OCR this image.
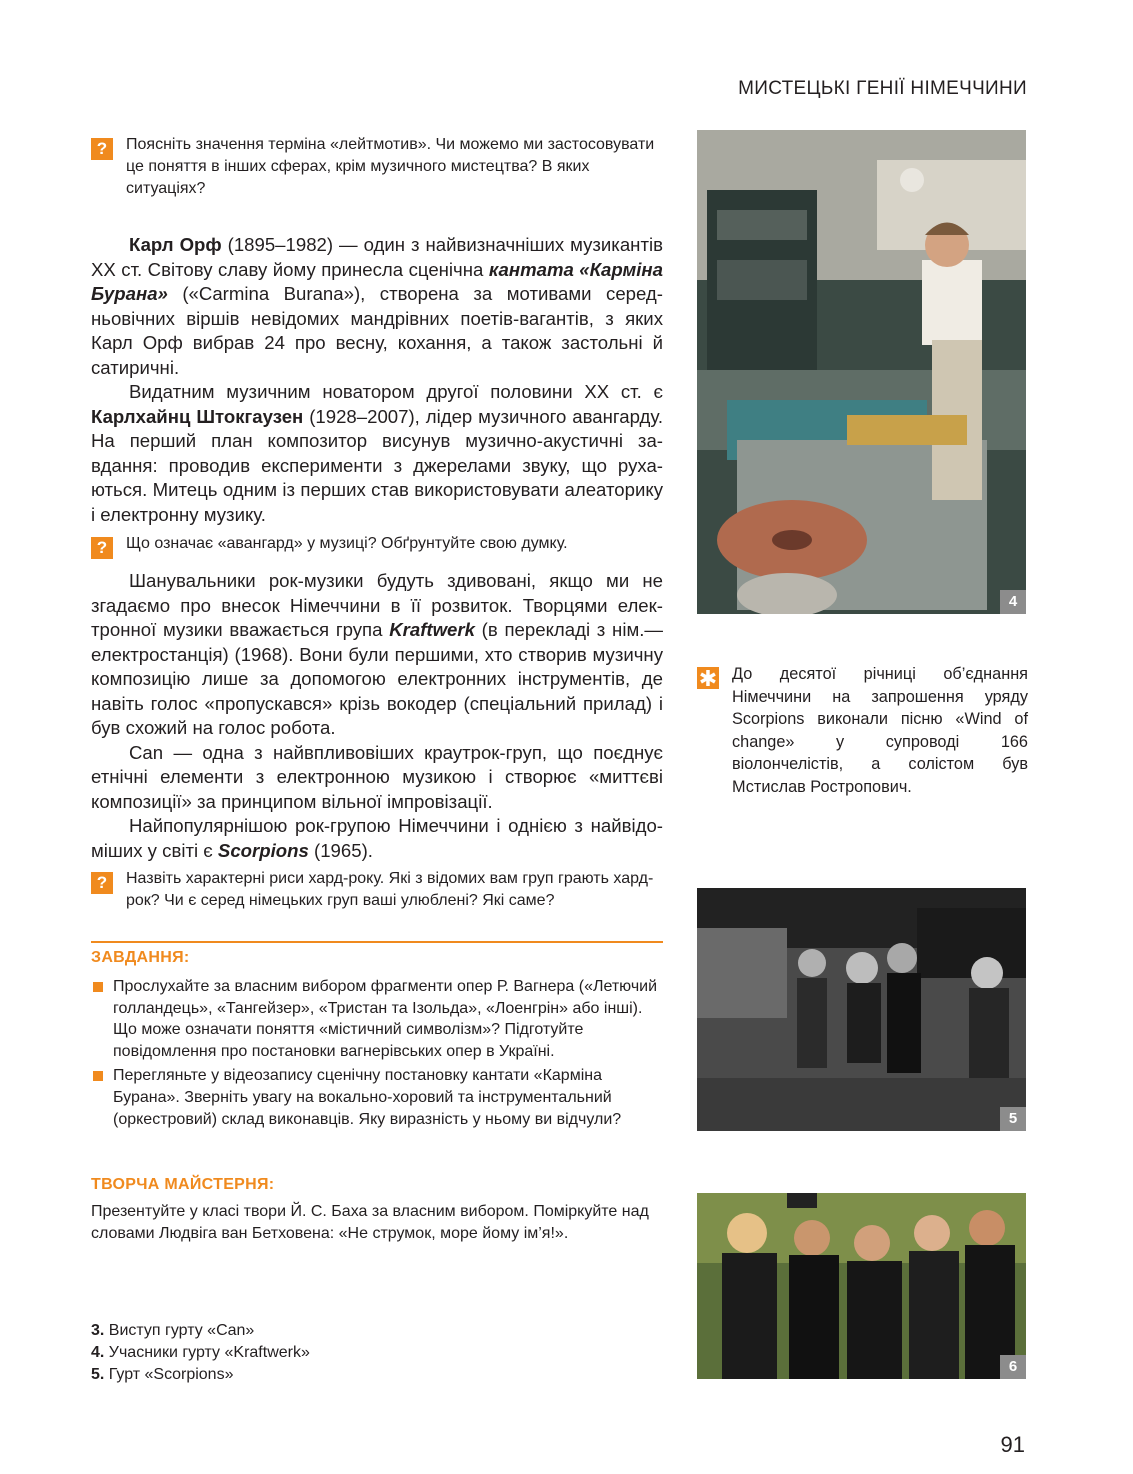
МИСТЕЦЬКІ ГЕНІЇ НІМЕЧЧИНИ
?	Поясніть значення терміна «лейтмотив». Чи можемо ми застосовувати це поняття в інших сферах, крім музичного мистецтва? В яких ситуаціях?

Карл Орф (1895–1982) — один з найвизначніших музикантів XX ст. Світову славу йому принесла сценічна кантата «Карміна Бурана» («Carmina Burana»), створена за мотивами середньовічних віршів невідомих мандрівних поетів-вагантів, з яких Карл Орф вибрав 24 про весну, кохання, а також застольні й сатиричні.

Видатним музичним новатором другої половини XX ст. є Карлхайнц Штокгаузен (1928–2007), лідер музичного авангарду. На перший план композитор висунув музично-акустичні завдання: проводив експерименти з джерелами звуку, що рухаються. Митець одним із перших став використовувати алеаторику і електронну музику.

?	Що означає «авангард» у музиці? Обґрунтуйте свою думку.

Шанувальники рок-музики будуть здивовані, якщо ми не згадаємо про внесок Німеччини в її розвиток. Творцями електронної музики вважається група Kraftwerk (в перекладі з нім.— електростанція) (1968). Вони були першими, хто створив музичну композицію лише за допомогою електронних інструментів, де навіть голос «пропускався» крізь вокодер (спеціальний прилад) і був схожий на голос робота.

Can — одна з найвпливовіших краутрок-груп, що поєднує етнічні елементи з електронною музикою і створює «миттєві композиції» за принципом вільної імпровізації.

Найпопулярнішою рок-групою Німеччини і однією з найвідоміших у світі є Scorpions (1965).

?	Назвіть характерні риси хард-року. Які з відомих вам груп грають хард-рок? Чи є серед німецьких груп ваші улюблені? Які саме?
ЗАВДАННЯ:
Прослухайте за власним вибором фрагменти опер Р. Вагнера («Летючий голландець», «Тангейзер», «Тристан та Ізольда», «Лоенгрін» або інші). Що може означати поняття «містичний символізм»? Підготуйте повідомлення про постановки вагнерівських опер в Україні.
Перегляньте у відеозапису сценічну постановку кантати «Карміна Бурана». Зверніть увагу на вокально-хоровий та інструментальний (оркестровий) склад виконавців. Яку виразність у ньому ви відчули?
ТВОРЧА МАЙСТЕРНЯ:
Презентуйте у класі твори Й. С. Баха за власним вибором. Поміркуйте над словами Людвіга ван Бетховена: «Не струмок, море йому ім’я!».
3. Виступ гурту «Can»
4. Учасники гурту «Kraftwerk»
5. Гурт «Scorpions»
4
✱ До десятої річниці об’єднання Німеччини на запрошення уряду Scorpions виконали пісню «Wind of change» у супроводі 166 віолончелістів, а солістом був Мстислав Ростропович.
5
6
91
